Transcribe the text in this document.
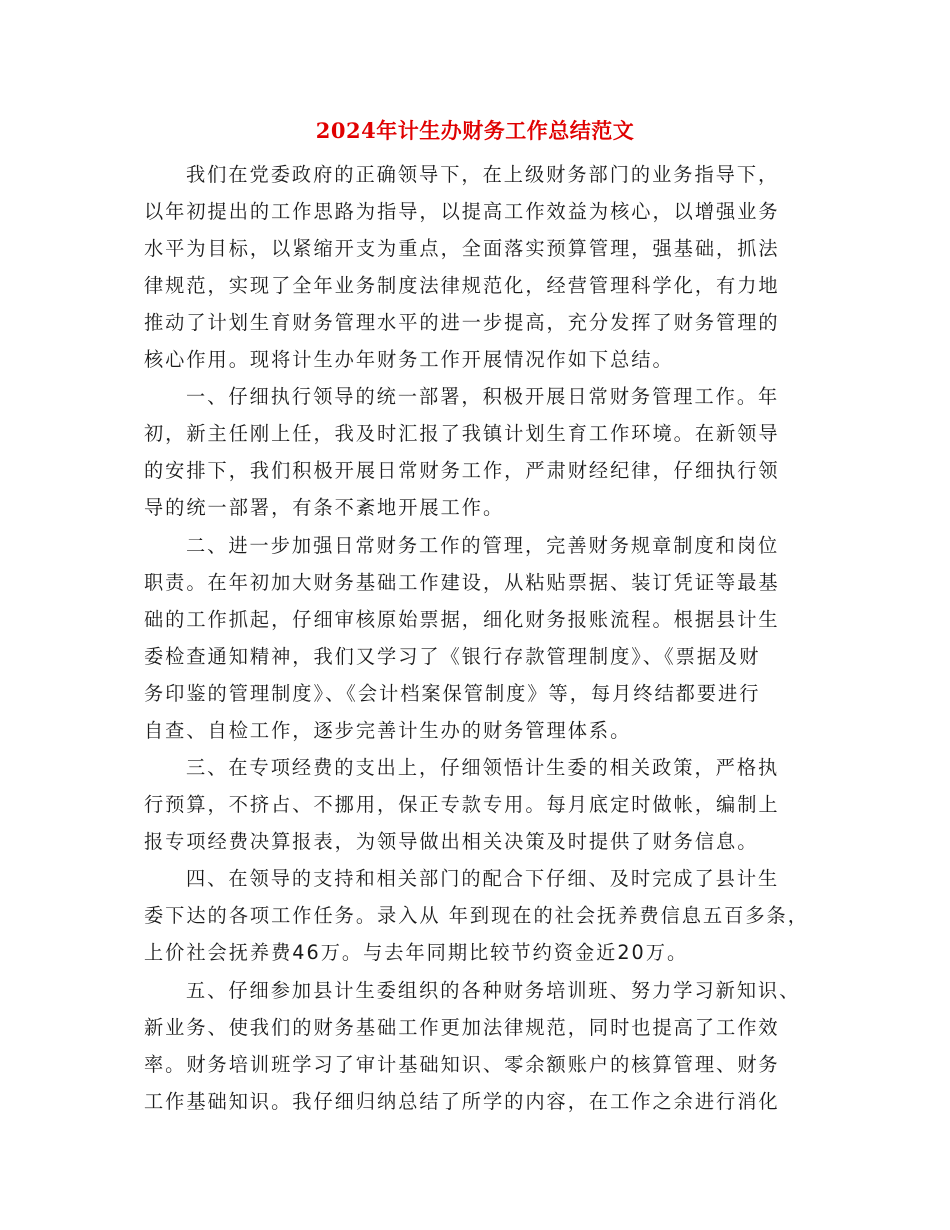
2024年计生办财务工作总结范文
我们在党委政府的正确领导下，在上级财务部门的业务指导下，
以年初提出的工作思路为指导，以提高工作效益为核心，以增强业务
水平为目标，以紧缩开支为重点，全面落实预算管理，强基础，抓法
律规范，实现了全年业务制度法律规范化，经营管理科学化，有力地
推动了计划生育财务管理水平的进一步提高，充分发挥了财务管理的
核心作用。现将计生办年财务工作开展情况作如下总结。
一、仔细执行领导的统一部署，积极开展日常财务管理工作。年
初，新主任刚上任，我及时汇报了我镇计划生育工作环境。在新领导
的安排下，我们积极开展日常财务工作，严肃财经纪律，仔细执行领
导的统一部署，有条不紊地开展工作。
二、进一步加强日常财务工作的管理，完善财务规章制度和岗位
职责。在年初加大财务基础工作建设，从粘贴票据、装订凭证等最基
础的工作抓起，仔细审核原始票据，细化财务报账流程。根据县计生
委检查通知精神，我们又学习了《银行存款管理制度》、《票据及财
务印鉴的管理制度》、《会计档案保管制度》等，每月终结都要进行
自查、自检工作，逐步完善计生办的财务管理体系。
三、在专项经费的支出上，仔细领悟计生委的相关政策，严格执
行预算，不挤占、不挪用，保正专款专用。每月底定时做帐，编制上
报专项经费决算报表，为领导做出相关决策及时提供了财务信息。
四、在领导的支持和相关部门的配合下仔细、及时完成了县计生
委下达的各项工作任务。录入从 年到现在的社会抚养费信息五百多条，
上价社会抚养费46万。与去年同期比较节约资金近20万。
五、仔细参加县计生委组织的各种财务培训班、努力学习新知识、
新业务、使我们的财务基础工作更加法律规范，同时也提高了工作效
率。财务培训班学习了审计基础知识、零余额账户的核算管理、财务
工作基础知识。我仔细归纳总结了所学的内容，在工作之余进行消化
